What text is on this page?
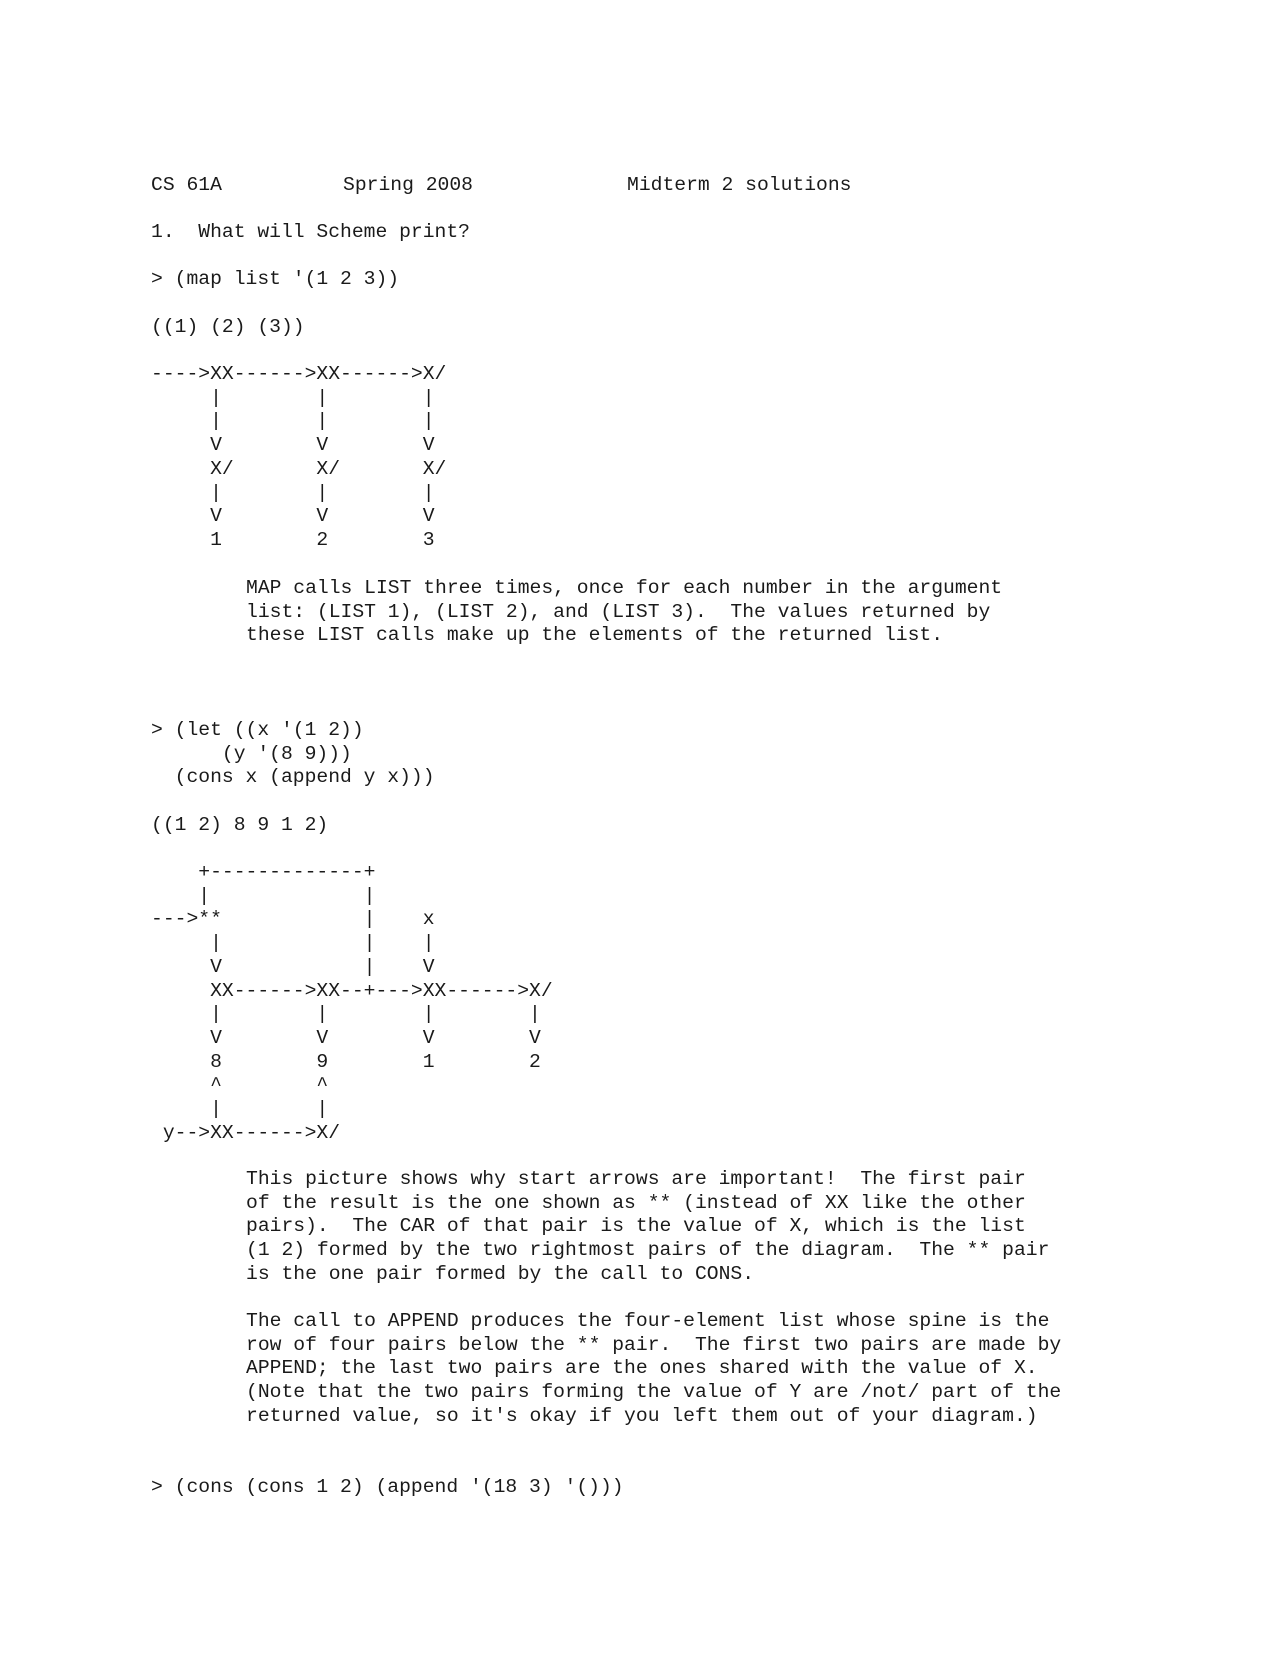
CS 61A	Spring 2008	Midterm 2 solutions
1.  What will Scheme print?
> (map list '(1 2 3))
((1) (2) (3))
---->XX------>XX------>X/
|        |        |
|        |        |
V        V        V
X/       X/       X/
|        |        |
V        V        V
1        2        3
MAP calls LIST three times, once for each number in the argument
list: (LIST 1), (LIST 2), and (LIST 3).  The values returned by
these LIST calls make up the elements of the returned list.
> (let ((x '(1 2))
(y '(8 9)))
(cons x (append y x)))
((1 2) 8 9 1 2)
+-------------+
|             |
--->**            |    x
|            |    |
V            |    V
XX------>XX--+--->XX------>X/
|        |        |        |
V        V        V        V
8        9        1        2
^        ^
|        |
y-->XX------>X/
This picture shows why start arrows are important!  The first pair
of the result is the one shown as ** (instead of XX like the other
pairs).  The CAR of that pair is the value of X, which is the list
(1 2) formed by the two rightmost pairs of the diagram.  The ** pair
is the one pair formed by the call to CONS.
The call to APPEND produces the four-element list whose spine is the
row of four pairs below the ** pair.  The first two pairs are made by
APPEND; the last two pairs are the ones shared with the value of X.
(Note that the two pairs forming the value of Y are /not/ part of the
returned value, so it's okay if you left them out of your diagram.)
> (cons (cons 1 2) (append '(18 3) '()))
